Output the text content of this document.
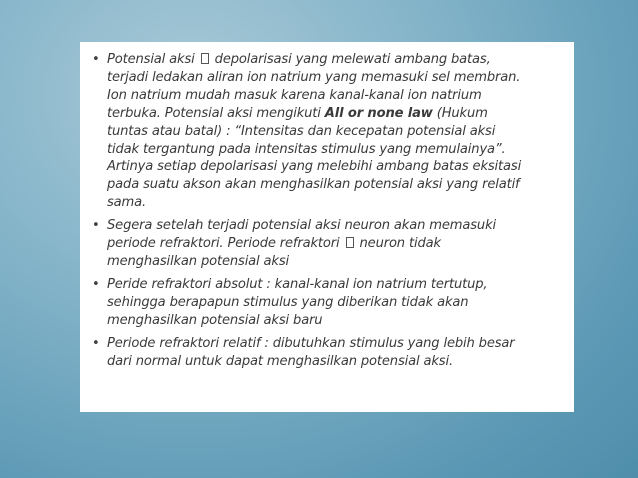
• Potensial aksi  depolarisasi yang melewati ambang batas,
terjadi ledakan aliran ion natrium yang memasuki sel membran.
Ion natrium mudah masuk karena kanal-kanal ion natrium
terbuka. Potensial aksi mengikuti All or none law (Hukum
tuntas atau batal) : “Intensitas dan kecepatan potensial aksi
tidak tergantung pada intensitas stimulus yang memulainya”.
Artinya setiap depolarisasi yang melebihi ambang batas eksitasi
pada suatu akson akan menghasilkan potensial aksi yang relatif
sama.
• Segera setelah terjadi potensial aksi neuron akan memasuki
periode refraktori. Periode refraktori  neuron tidak
menghasilkan potensial aksi
• Peride refraktori absolut : kanal-kanal ion natrium tertutup,
sehingga berapapun stimulus yang diberikan tidak akan
menghasilkan potensial aksi baru
• Periode refraktori relatif : dibutuhkan stimulus yang lebih besar
dari normal untuk dapat menghasilkan potensial aksi.
